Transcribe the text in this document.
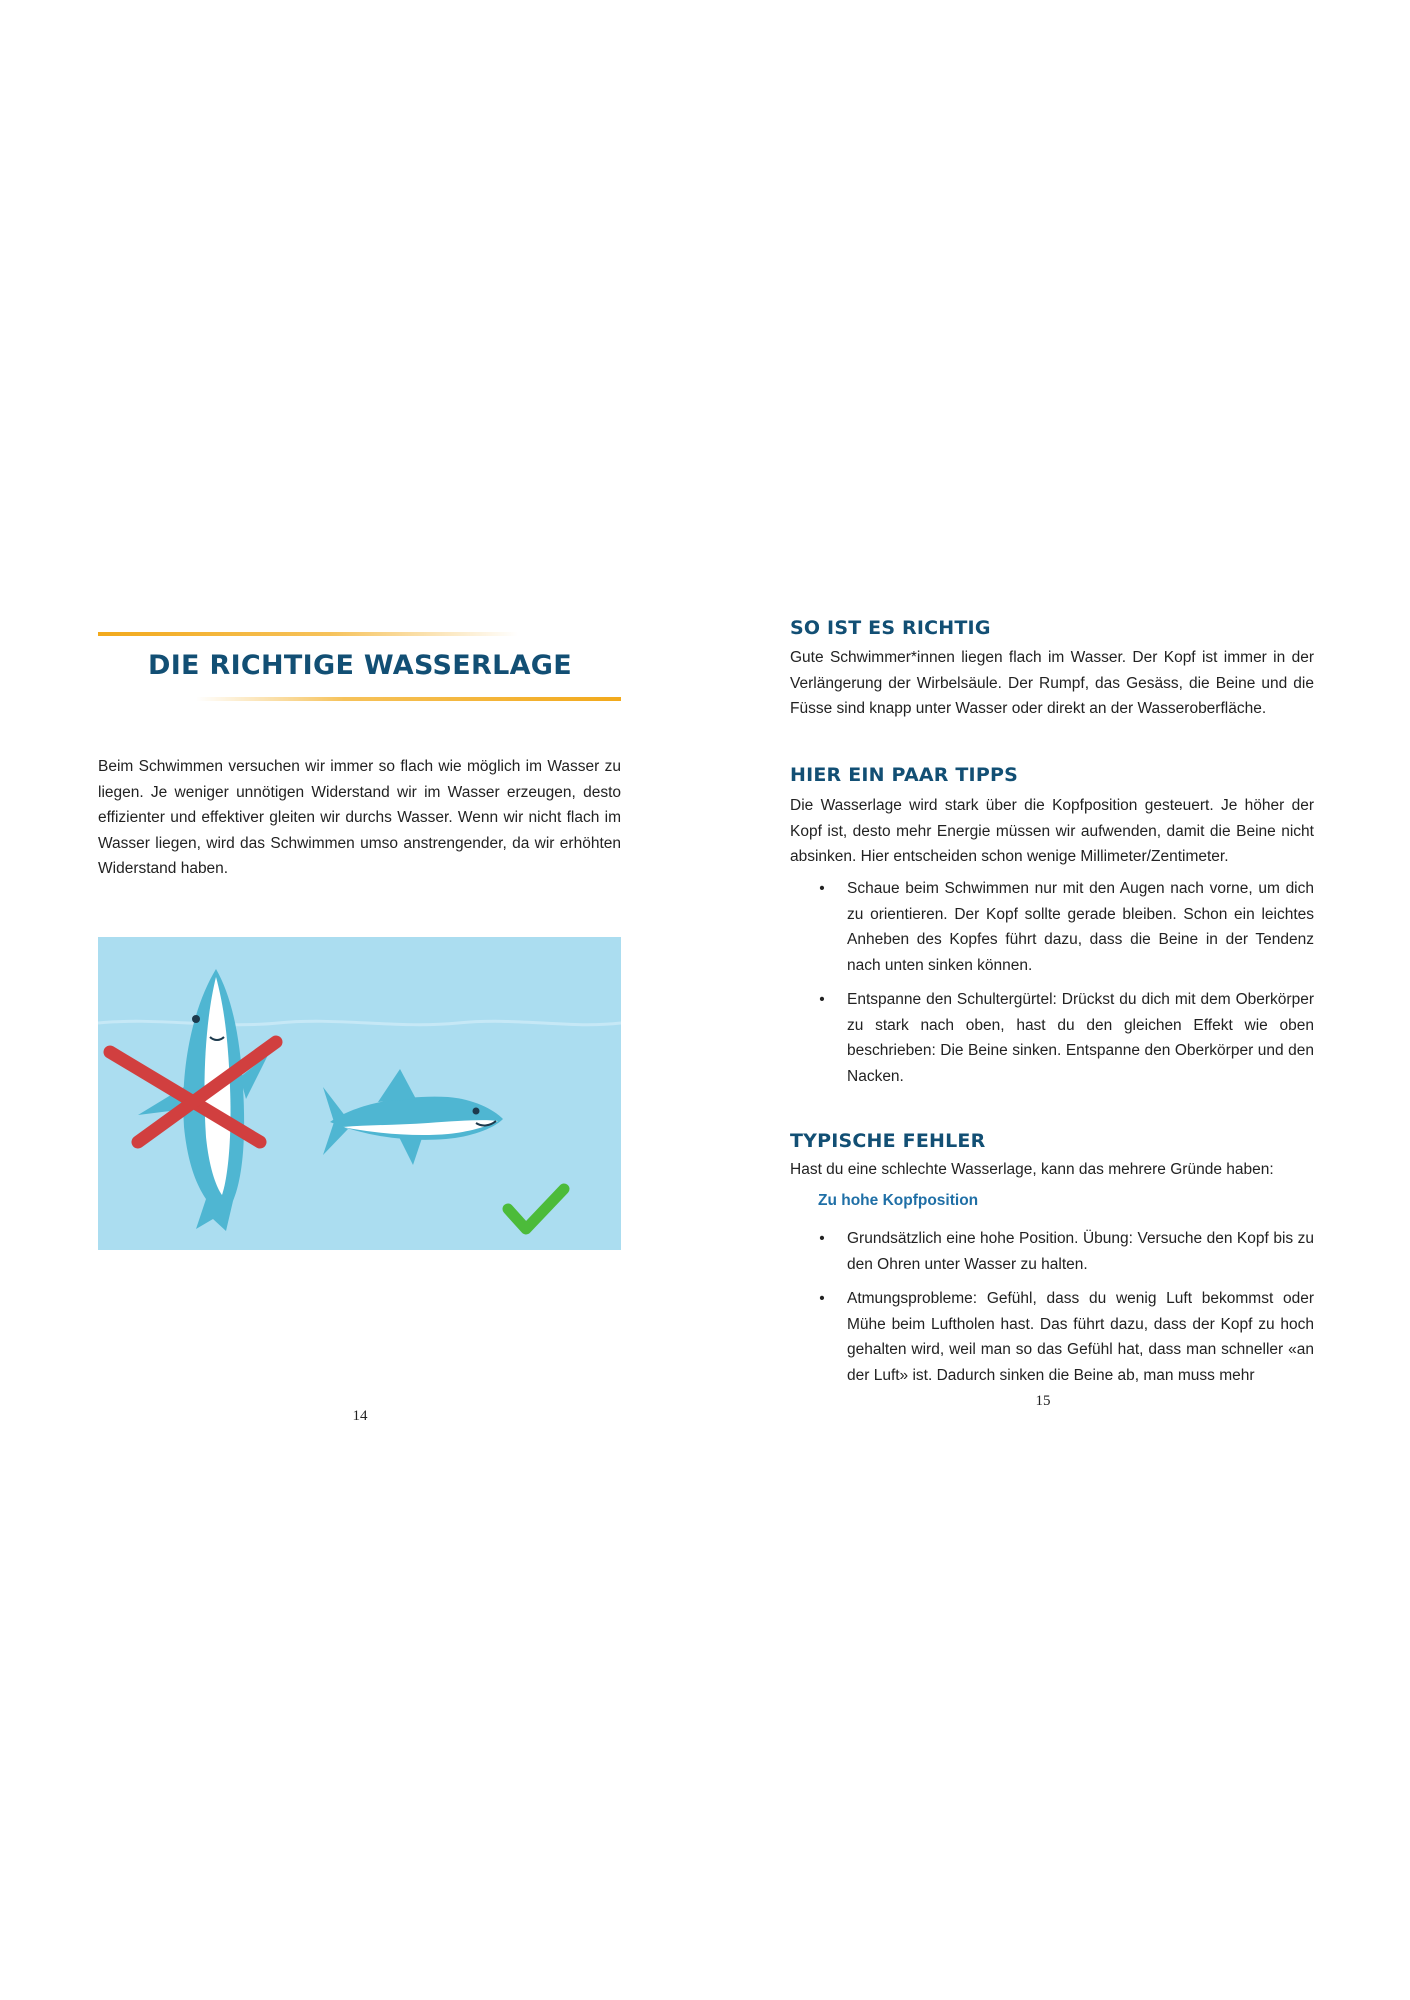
DIE RICHTIGE WASSERLAGE
Beim Schwimmen versuchen wir immer so flach wie möglich im Wasser zu liegen. Je weniger unnötigen Widerstand wir im Wasser erzeugen, desto effizienter und effektiver gleiten wir durchs Wasser. Wenn wir nicht flach im Wasser liegen, wird das Schwimmen umso anstrengender, da wir erhöhten Widerstand haben.
14
SO IST ES RICHTIG
Gute Schwimmer*innen liegen flach im Wasser. Der Kopf ist immer in der Verlängerung der Wirbelsäule. Der Rumpf, das Gesäss, die Beine und die Füsse sind knapp unter Wasser oder direkt an der Wasseroberfläche.
HIER EIN PAAR TIPPS
Die Wasserlage wird stark über die Kopfposition gesteuert. Je höher der Kopf ist, desto mehr Energie müssen wir aufwenden, damit die Beine nicht absinken. Hier entscheiden schon wenige Millimeter/Zentimeter.
• Schaue beim Schwimmen nur mit den Augen nach vorne, um dich zu orientieren. Der Kopf sollte gerade bleiben. Schon ein leichtes Anheben des Kopfes führt dazu, dass die Beine in der Tendenz nach unten sinken können.
• Entspanne den Schultergürtel: Drückst du dich mit dem Oberkörper zu stark nach oben, hast du den gleichen Effekt wie oben beschrieben: Die Beine sinken. Entspanne den Oberkörper und den Nacken.
TYPISCHE FEHLER
Hast du eine schlechte Wasserlage, kann das mehrere Gründe haben:
Zu hohe Kopfposition
• Grundsätzlich eine hohe Position. Übung: Versuche den Kopf bis zu den Ohren unter Wasser zu halten.
• Atmungsprobleme: Gefühl, dass du wenig Luft bekommst oder Mühe beim Luftholen hast. Das führt dazu, dass der Kopf zu hoch gehalten wird, weil man so das Gefühl hat, dass man schneller «an der Luft» ist. Dadurch sinken die Beine ab, man muss mehr
15
